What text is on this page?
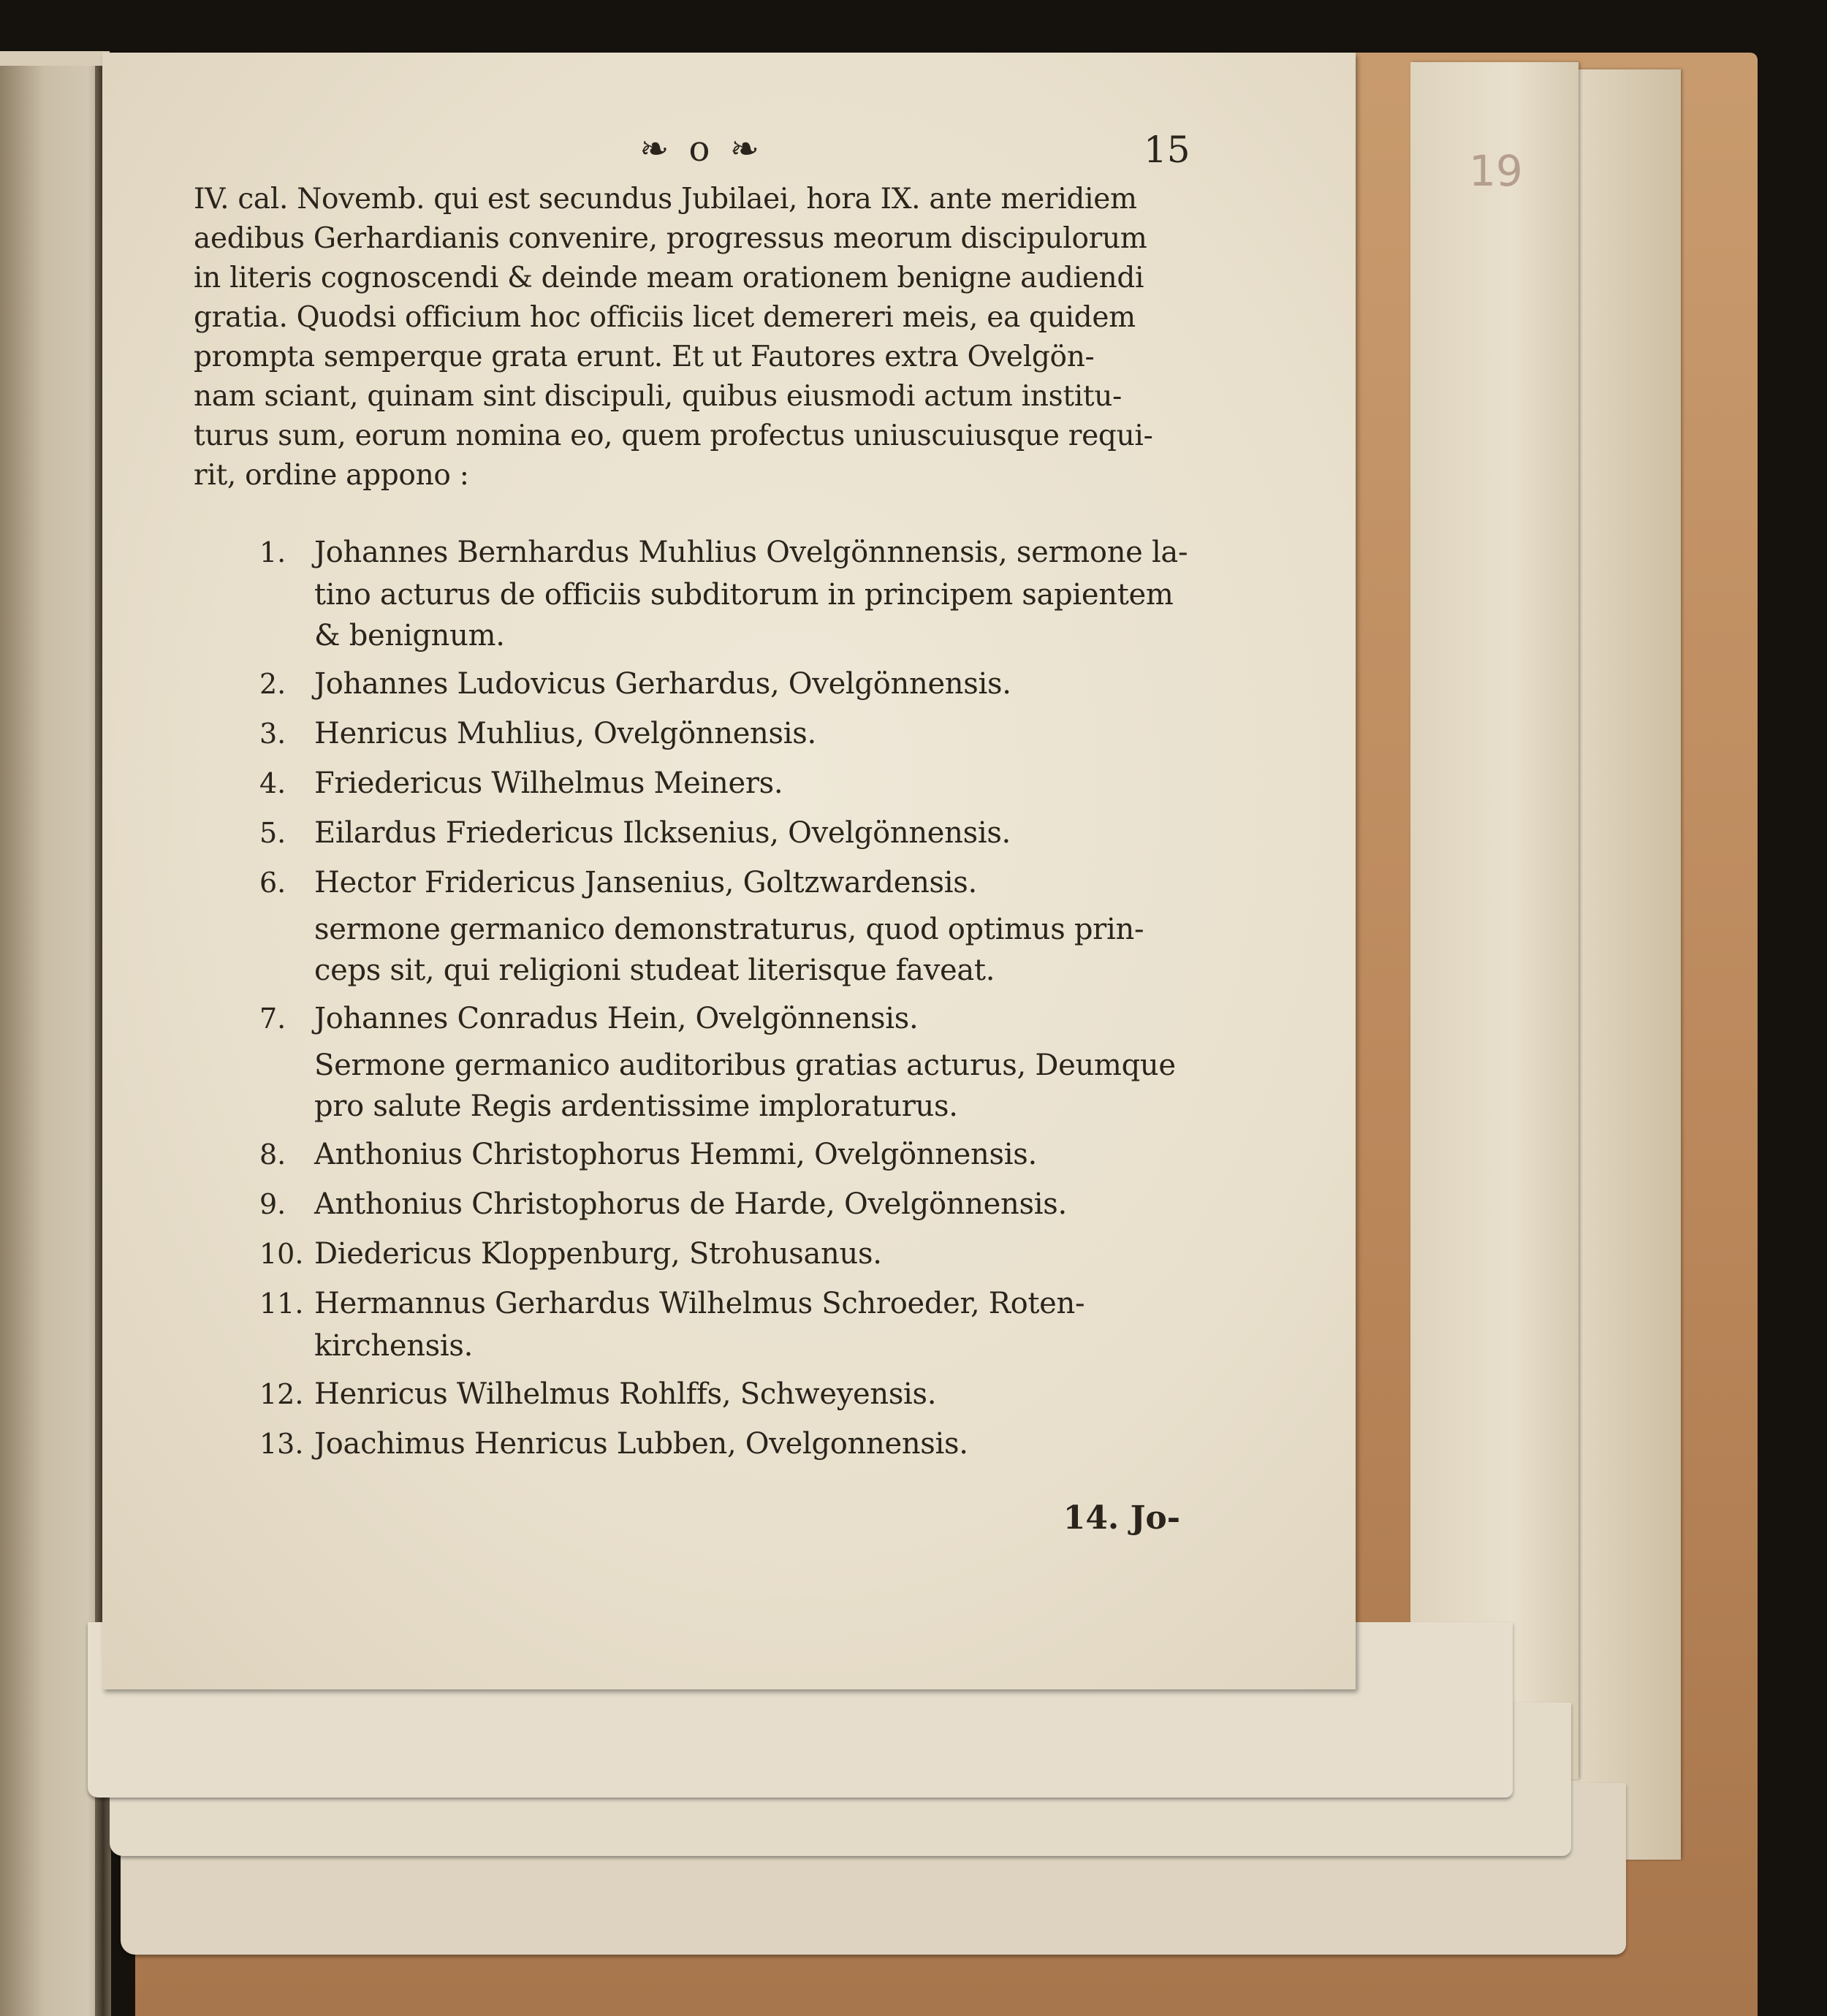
19
❧ o ❧	15
IV. cal. Novemb. qui est secundus Jubilaei, hora IX. ante meridiem
aedibus Gerhardianis convenire, progressus meorum discipulorum
in literis cognoscendi & deinde meam orationem benigne audiendi
gratia. Quodsi officium hoc officiis licet demereri meis, ea quidem
prompta semperque grata erunt. Et ut Fautores extra Ovelgön-
nam sciant, quinam sint discipuli, quibus eiusmodi actum institu-
turus sum, eorum nomina eo, quem profectus uniuscuiusque requi-
rit, ordine appono :
1. Johannes Bernhardus Muhlius Ovelgönnnensis, sermone la-
tino acturus de officiis subditorum in principem sapientem
& benignum.
2. Johannes Ludovicus Gerhardus, Ovelgönnensis.
3. Henricus Muhlius, Ovelgönnensis.
4. Friedericus Wilhelmus Meiners.
5. Eilardus Friedericus Ilcksenius, Ovelgönnensis.
6. Hector Fridericus Jansenius, Goltzwardensis.
sermone germanico demonstraturus, quod optimus prin-
ceps sit, qui religioni studeat literisque faveat.
7. Johannes Conradus Hein, Ovelgönnensis.
Sermone germanico auditoribus gratias acturus, Deumque
pro salute Regis ardentissime imploraturus.
8. Anthonius Christophorus Hemmi, Ovelgönnensis.
9. Anthonius Christophorus de Harde, Ovelgönnensis.
10. Diedericus Kloppenburg, Strohusanus.
11. Hermannus Gerhardus Wilhelmus Schroeder, Roten-
kirchensis.
12. Henricus Wilhelmus Rohlffs, Schweyensis.
13. Joachimus Henricus Lubben, Ovelgonnensis.
14. Jo-
